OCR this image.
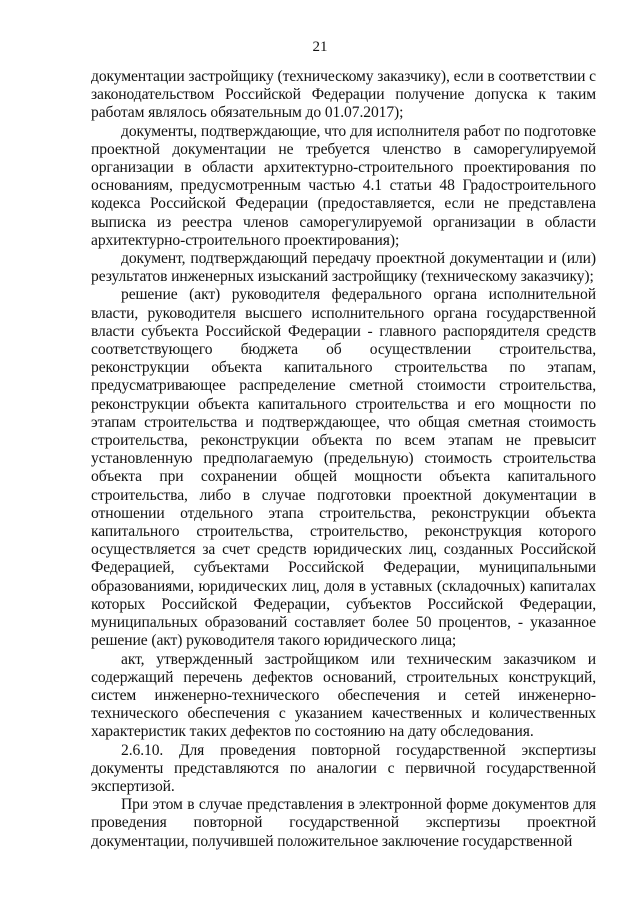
21

документации застройщику (техническому заказчику), если в соответствии с законодательством Российской Федерации получение допуска к таким работам являлось обязательным до 01.07.2017);

документы, подтверждающие, что для исполнителя работ по подготовке проектной документации не требуется членство в саморегулируемой организации в области архитектурно-строительного проектирования по основаниям, предусмотренным частью 4.1 статьи 48 Градостроительного кодекса Российской Федерации (предоставляется, если не представлена выписка из реестра членов саморегулируемой организации в области архитектурно-строительного проектирования);

документ, подтверждающий передачу проектной документации и (или) результатов инженерных изысканий застройщику (техническому заказчику);

решение (акт) руководителя федерального органа исполнительной власти, руководителя высшего исполнительного органа государственной власти субъекта Российской Федерации - главного распорядителя средств соответствующего бюджета об осуществлении строительства, реконструкции объекта капитального строительства по этапам, предусматривающее распределение сметной стоимости строительства, реконструкции объекта капитального строительства и его мощности по этапам строительства и подтверждающее, что общая сметная стоимость строительства, реконструкции объекта по всем этапам не превысит установленную предполагаемую (предельную) стоимость строительства объекта при сохранении общей мощности объекта капитального строительства, либо в случае подготовки проектной документации в отношении отдельного этапа строительства, реконструкции объекта капитального строительства, строительство, реконструкция которого осуществляется за счет средств юридических лиц, созданных Российской Федерацией, субъектами Российской Федерации, муниципальными образованиями, юридических лиц, доля в уставных (складочных) капиталах которых Российской Федерации, субъектов Российской Федерации, муниципальных образований составляет более 50 процентов, - указанное решение (акт) руководителя такого юридического лица;

акт, утвержденный застройщиком или техническим заказчиком и содержащий перечень дефектов оснований, строительных конструкций, систем инженерно-технического обеспечения и сетей инженерно-технического обеспечения с указанием качественных и количественных характеристик таких дефектов по состоянию на дату обследования.

2.6.10. Для проведения повторной государственной экспертизы документы представляются по аналогии с первичной государственной экспертизой.

При этом в случае представления в электронной форме документов для проведения повторной государственной экспертизы проектной документации, получившей положительное заключение государственной
